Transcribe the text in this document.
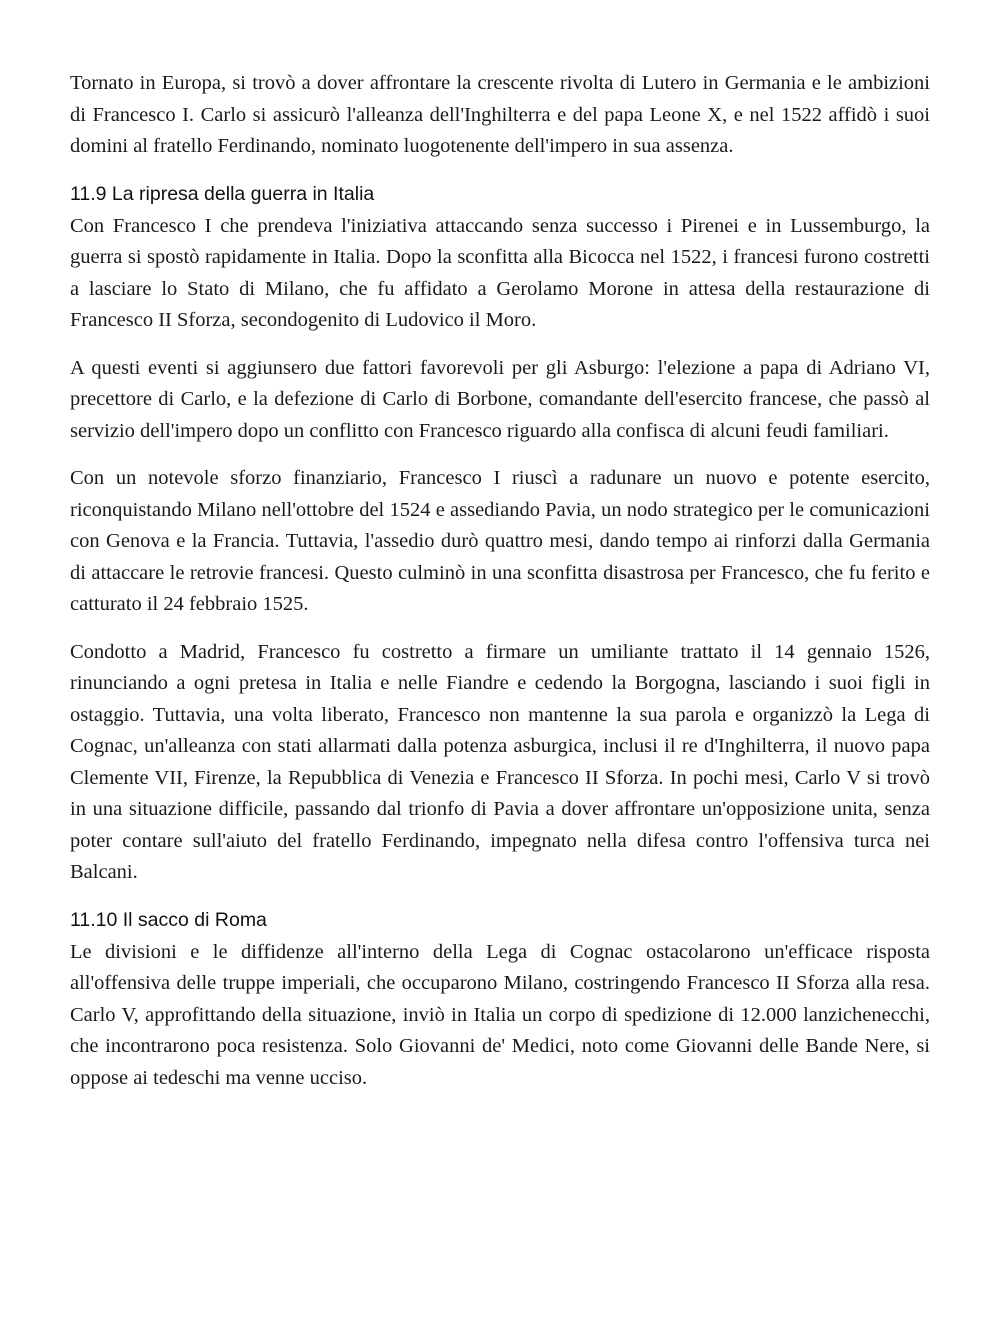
Tornato in Europa, si trovò a dover affrontare la crescente rivolta di Lutero in Germania e le ambizioni di Francesco I. Carlo si assicurò l'alleanza dell'Inghilterra e del papa Leone X, e nel 1522 affidò i suoi domini al fratello Ferdinando, nominato luogotenente dell'impero in sua assenza.

11.9 La ripresa della guerra in Italia

Con Francesco I che prendeva l'iniziativa attaccando senza successo i Pirenei e in Lussemburgo, la guerra si spostò rapidamente in Italia. Dopo la sconfitta alla Bicocca nel 1522, i francesi furono costretti a lasciare lo Stato di Milano, che fu affidato a Gerolamo Morone in attesa della restaurazione di Francesco II Sforza, secondogenito di Ludovico il Moro.

A questi eventi si aggiunsero due fattori favorevoli per gli Asburgo: l'elezione a papa di Adriano VI, precettore di Carlo, e la defezione di Carlo di Borbone, comandante dell'esercito francese, che passò al servizio dell'impero dopo un conflitto con Francesco riguardo alla confisca di alcuni feudi familiari.

Con un notevole sforzo finanziario, Francesco I riuscì a radunare un nuovo e potente esercito, riconquistando Milano nell'ottobre del 1524 e assediando Pavia, un nodo strategico per le comunicazioni con Genova e la Francia. Tuttavia, l'assedio durò quattro mesi, dando tempo ai rinforzi dalla Germania di attaccare le retrovie francesi. Questo culminò in una sconfitta disastrosa per Francesco, che fu ferito e catturato il 24 febbraio 1525.

Condotto a Madrid, Francesco fu costretto a firmare un umiliante trattato il 14 gennaio 1526, rinunciando a ogni pretesa in Italia e nelle Fiandre e cedendo la Borgogna, lasciando i suoi figli in ostaggio. Tuttavia, una volta liberato, Francesco non mantenne la sua parola e organizzò la Lega di Cognac, un'alleanza con stati allarmati dalla potenza asburgica, inclusi il re d'Inghilterra, il nuovo papa Clemente VII, Firenze, la Repubblica di Venezia e Francesco II Sforza. In pochi mesi, Carlo V si trovò in una situazione difficile, passando dal trionfo di Pavia a dover affrontare un'opposizione unita, senza poter contare sull'aiuto del fratello Ferdinando, impegnato nella difesa contro l'offensiva turca nei Balcani.

11.10 Il sacco di Roma

Le divisioni e le diffidenze all'interno della Lega di Cognac ostacolarono un'efficace risposta all'offensiva delle truppe imperiali, che occuparono Milano, costringendo Francesco II Sforza alla resa. Carlo V, approfittando della situazione, inviò in Italia un corpo di spedizione di 12.000 lanzichenecchi, che incontrarono poca resistenza. Solo Giovanni de' Medici, noto come Giovanni delle Bande Nere, si oppose ai tedeschi ma venne ucciso.
